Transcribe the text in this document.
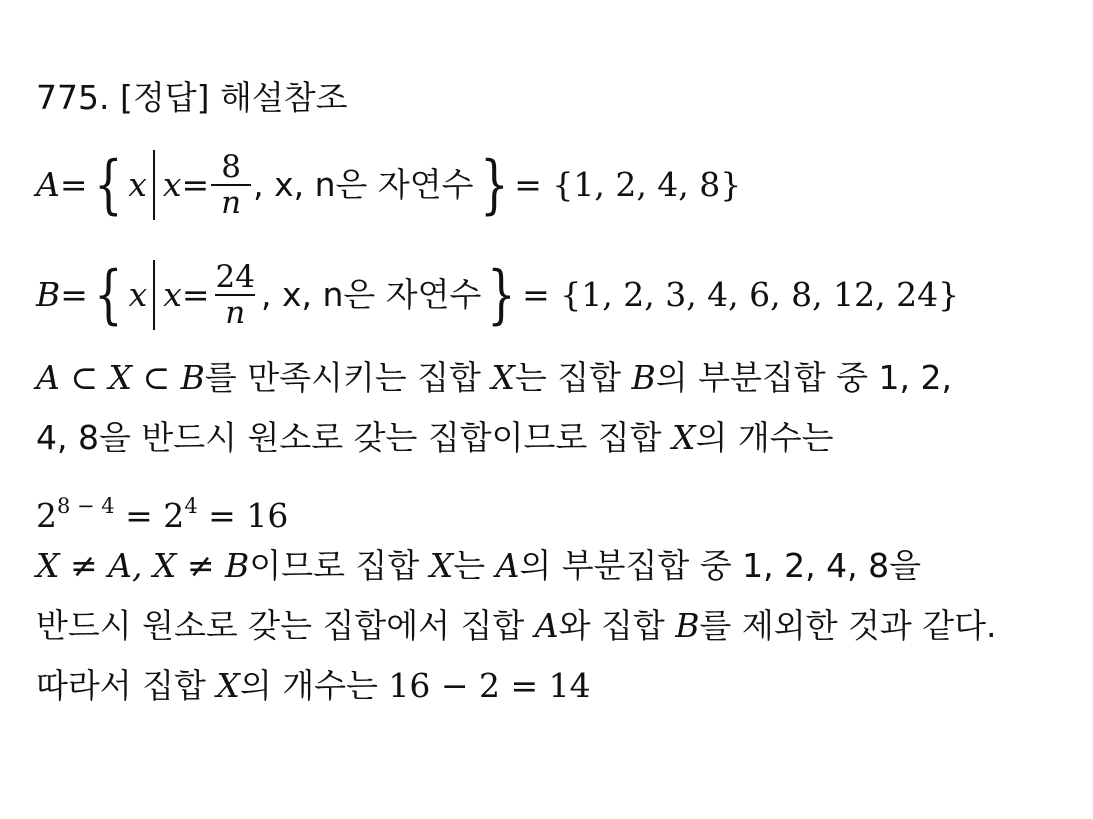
775. [정답] 해설참조
A = { x $x = \frac{8}{n}$ , x, n은 자연수 } = {1, 2, 4, 8}
B = { x $x = \frac{24}{n}$ , x, n은 자연수 } = {1, 2, 3, 4, 6, 8, 12, 24}
A ⊂ X ⊂ B를 만족시키는 집합 X는 집합 B의 부분집합 중 1, 2,
4, 8을 반드시 원소로 갖는 집합이므로 집합 X의 개수는
$2^{8 - 4} = 2^4 = 16$
X ≠ A, X ≠ B이므로 집합 X는 A의 부분집합 중 1, 2, 4, 8을
반드시 원소로 갖는 집합에서 집합 A와 집합 B를 제외한 것과 같다.
따라서 집합 X의 개수는 16 − 2 = 14
